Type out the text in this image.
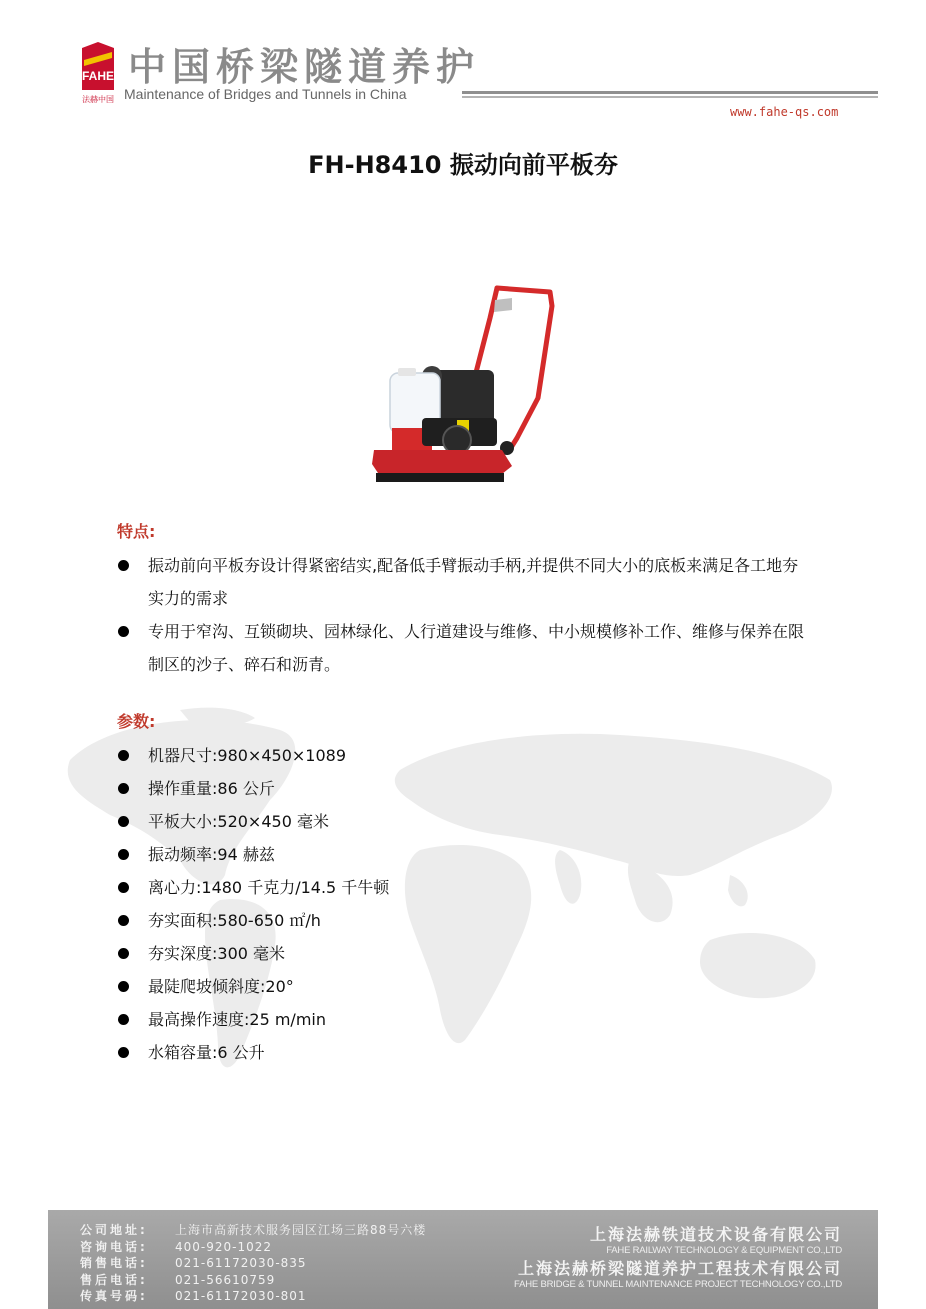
FAHE
法赫中国
中国桥梁隧道养护
Maintenance of Bridges and Tunnels in China
www.fahe-qs.com
FH-H8410 振动向前平板夯
特点:
振动前向平板夯设计得紧密结实,配备低手臂振动手柄,并提供不同大小的底板来满足各工地夯实力的需求
专用于窄沟、互锁砌块、园林绿化、人行道建设与维修、中小规模修补工作、维修与保养在限制区的沙子、碎石和沥青。
参数:
机器尺寸:980×450×1089
操作重量:86 公斤
平板大小:520×450 毫米
振动频率:94 赫兹
离心力:1480 千克力/14.5 千牛顿
夯实面积:580-650 ㎡/h
夯实深度:300 毫米
最陡爬坡倾斜度:20°
最高操作速度:25 m/min
水箱容量:6 公升
公司地址: 上海市高新技术服务园区江场三路88号六楼
咨询电话: 400-920-1022
销售电话: 021-61172030-835
售后电话: 021-56610759
传真号码: 021-61172030-801
上海法赫铁道技术设备有限公司
FAHE RAILWAY TECHNOLOGY & EQUIPMENT CO.,LTD
上海法赫桥梁隧道养护工程技术有限公司
FAHE BRIDGE & TUNNEL MAINTENANCE PROJECT TECHNOLOGY CO.,LTD
